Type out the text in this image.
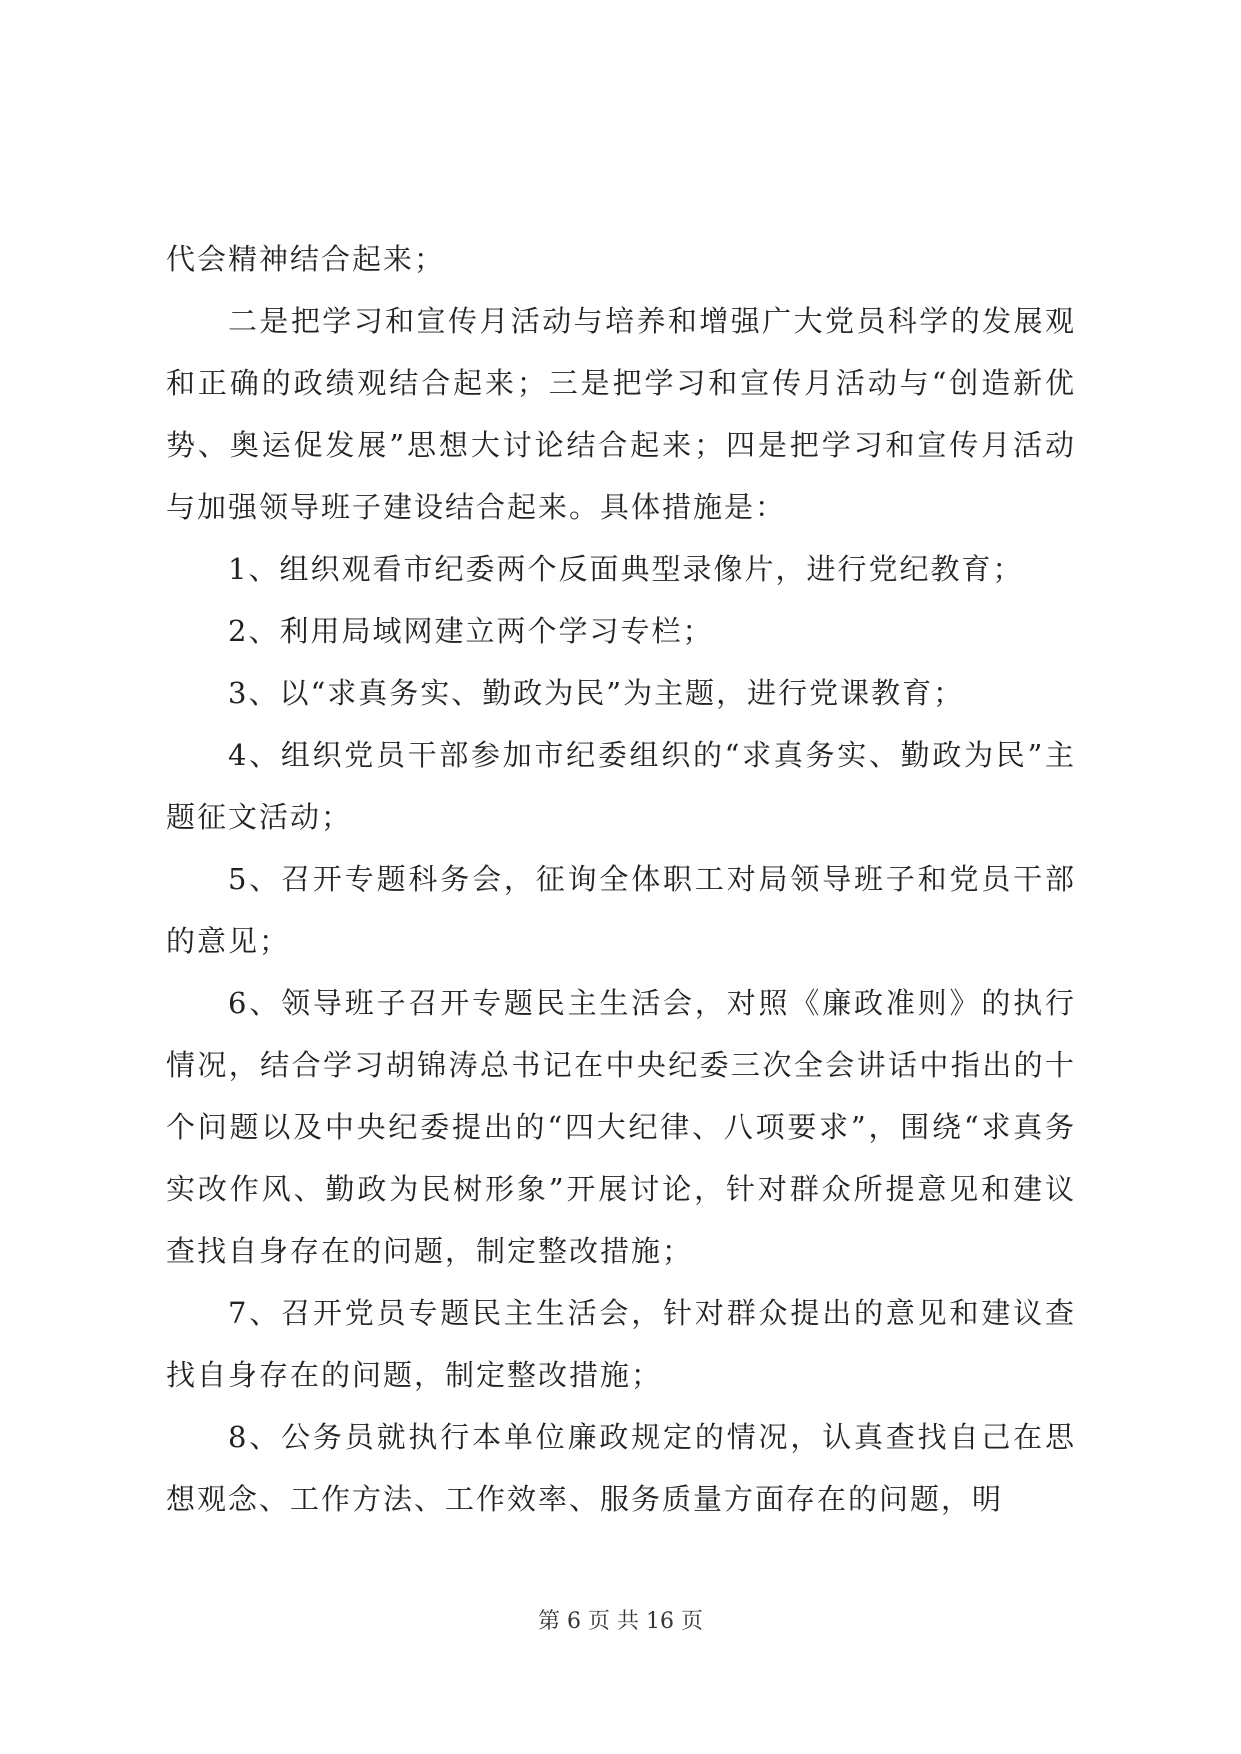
代会精神结合起来；

二是把学习和宣传月活动与培养和增强广大党员科学的发展观和正确的政绩观结合起来；三是把学习和宣传月活动与“创造新优势、奥运促发展”思想大讨论结合起来；四是把学习和宣传月活动与加强领导班子建设结合起来。具体措施是：

1、组织观看市纪委两个反面典型录像片，进行党纪教育；

2、利用局域网建立两个学习专栏；

3、以“求真务实、勤政为民”为主题，进行党课教育；

4、组织党员干部参加市纪委组织的“求真务实、勤政为民”主题征文活动；

5、召开专题科务会，征询全体职工对局领导班子和党员干部的意见；

6、领导班子召开专题民主生活会，对照《廉政准则》的执行情况，结合学习胡锦涛总书记在中央纪委三次全会讲话中指出的十个问题以及中央纪委提出的“四大纪律、八项要求”，围绕“求真务实改作风、勤政为民树形象”开展讨论，针对群众所提意见和建议查找自身存在的问题，制定整改措施；

7、召开党员专题民主生活会，针对群众提出的意见和建议查找自身存在的问题，制定整改措施；

8、公务员就执行本单位廉政规定的情况，认真查找自己在思想观念、工作方法、工作效率、服务质量方面存在的问题，明

第 6 页 共 16 页
